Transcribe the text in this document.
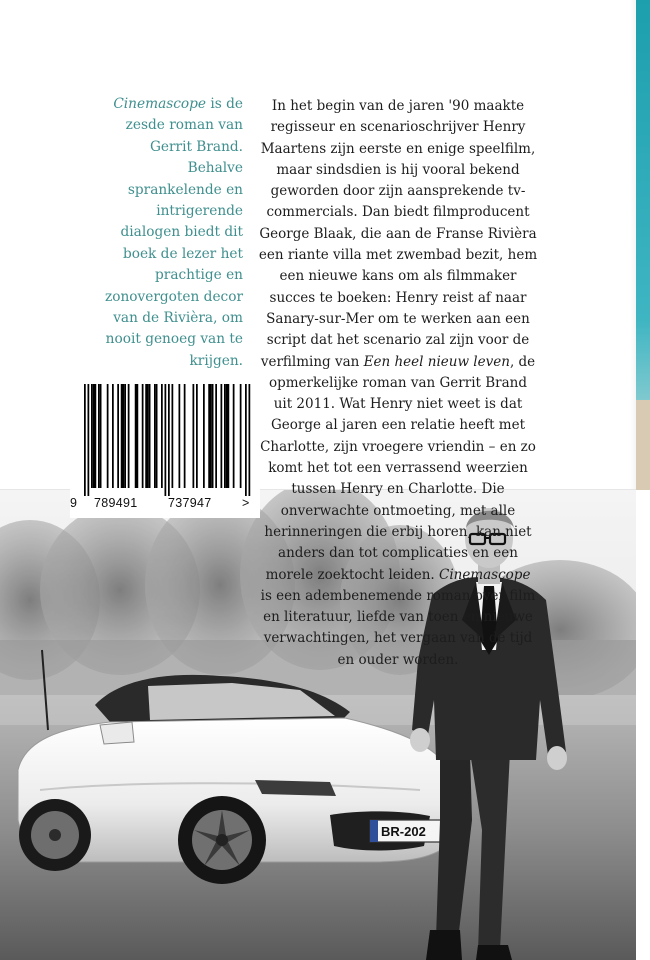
BR-202
Cinemascope is de zesde roman van Gerrit Brand. Behalve sprankelende en intrigerende dialogen biedt dit boek de lezer het prachtige en zonovergoten decor van de Rivièra, om nooit genoeg van te krijgen.
In het begin van de jaren '90 maakte regisseur en scenarioschrijver Henry Maartens zijn eerste en enige speelfilm, maar sindsdien is hij vooral bekend geworden door zijn aansprekende tv-commercials. Dan biedt filmproducent George Blaak, die aan de Franse Rivièra een riante villa met zwembad bezit, hem een nieuwe kans om als filmmaker succes te boeken: Henry reist af naar Sanary-sur-Mer om te werken aan een script dat het scenario zal zijn voor de verfilming van Een heel nieuw leven, de opmerkelijke roman van Gerrit Brand uit 2011. Wat Henry niet weet is dat George al jaren een relatie heeft met Charlotte, zijn vroegere vriendin – en zo komt het tot een verrassend weerzien tussen Henry en Charlotte. Die onverwachte ontmoeting, met alle herinneringen die erbij horen, kan niet anders dan tot complicaties en een morele zoektocht leiden. Cinemascope is een adembenemende roman over film en literatuur, liefde van toen en nieuwe verwachtingen, het vergaan van de tijd en ouder worden.
9 789491 737947 >
